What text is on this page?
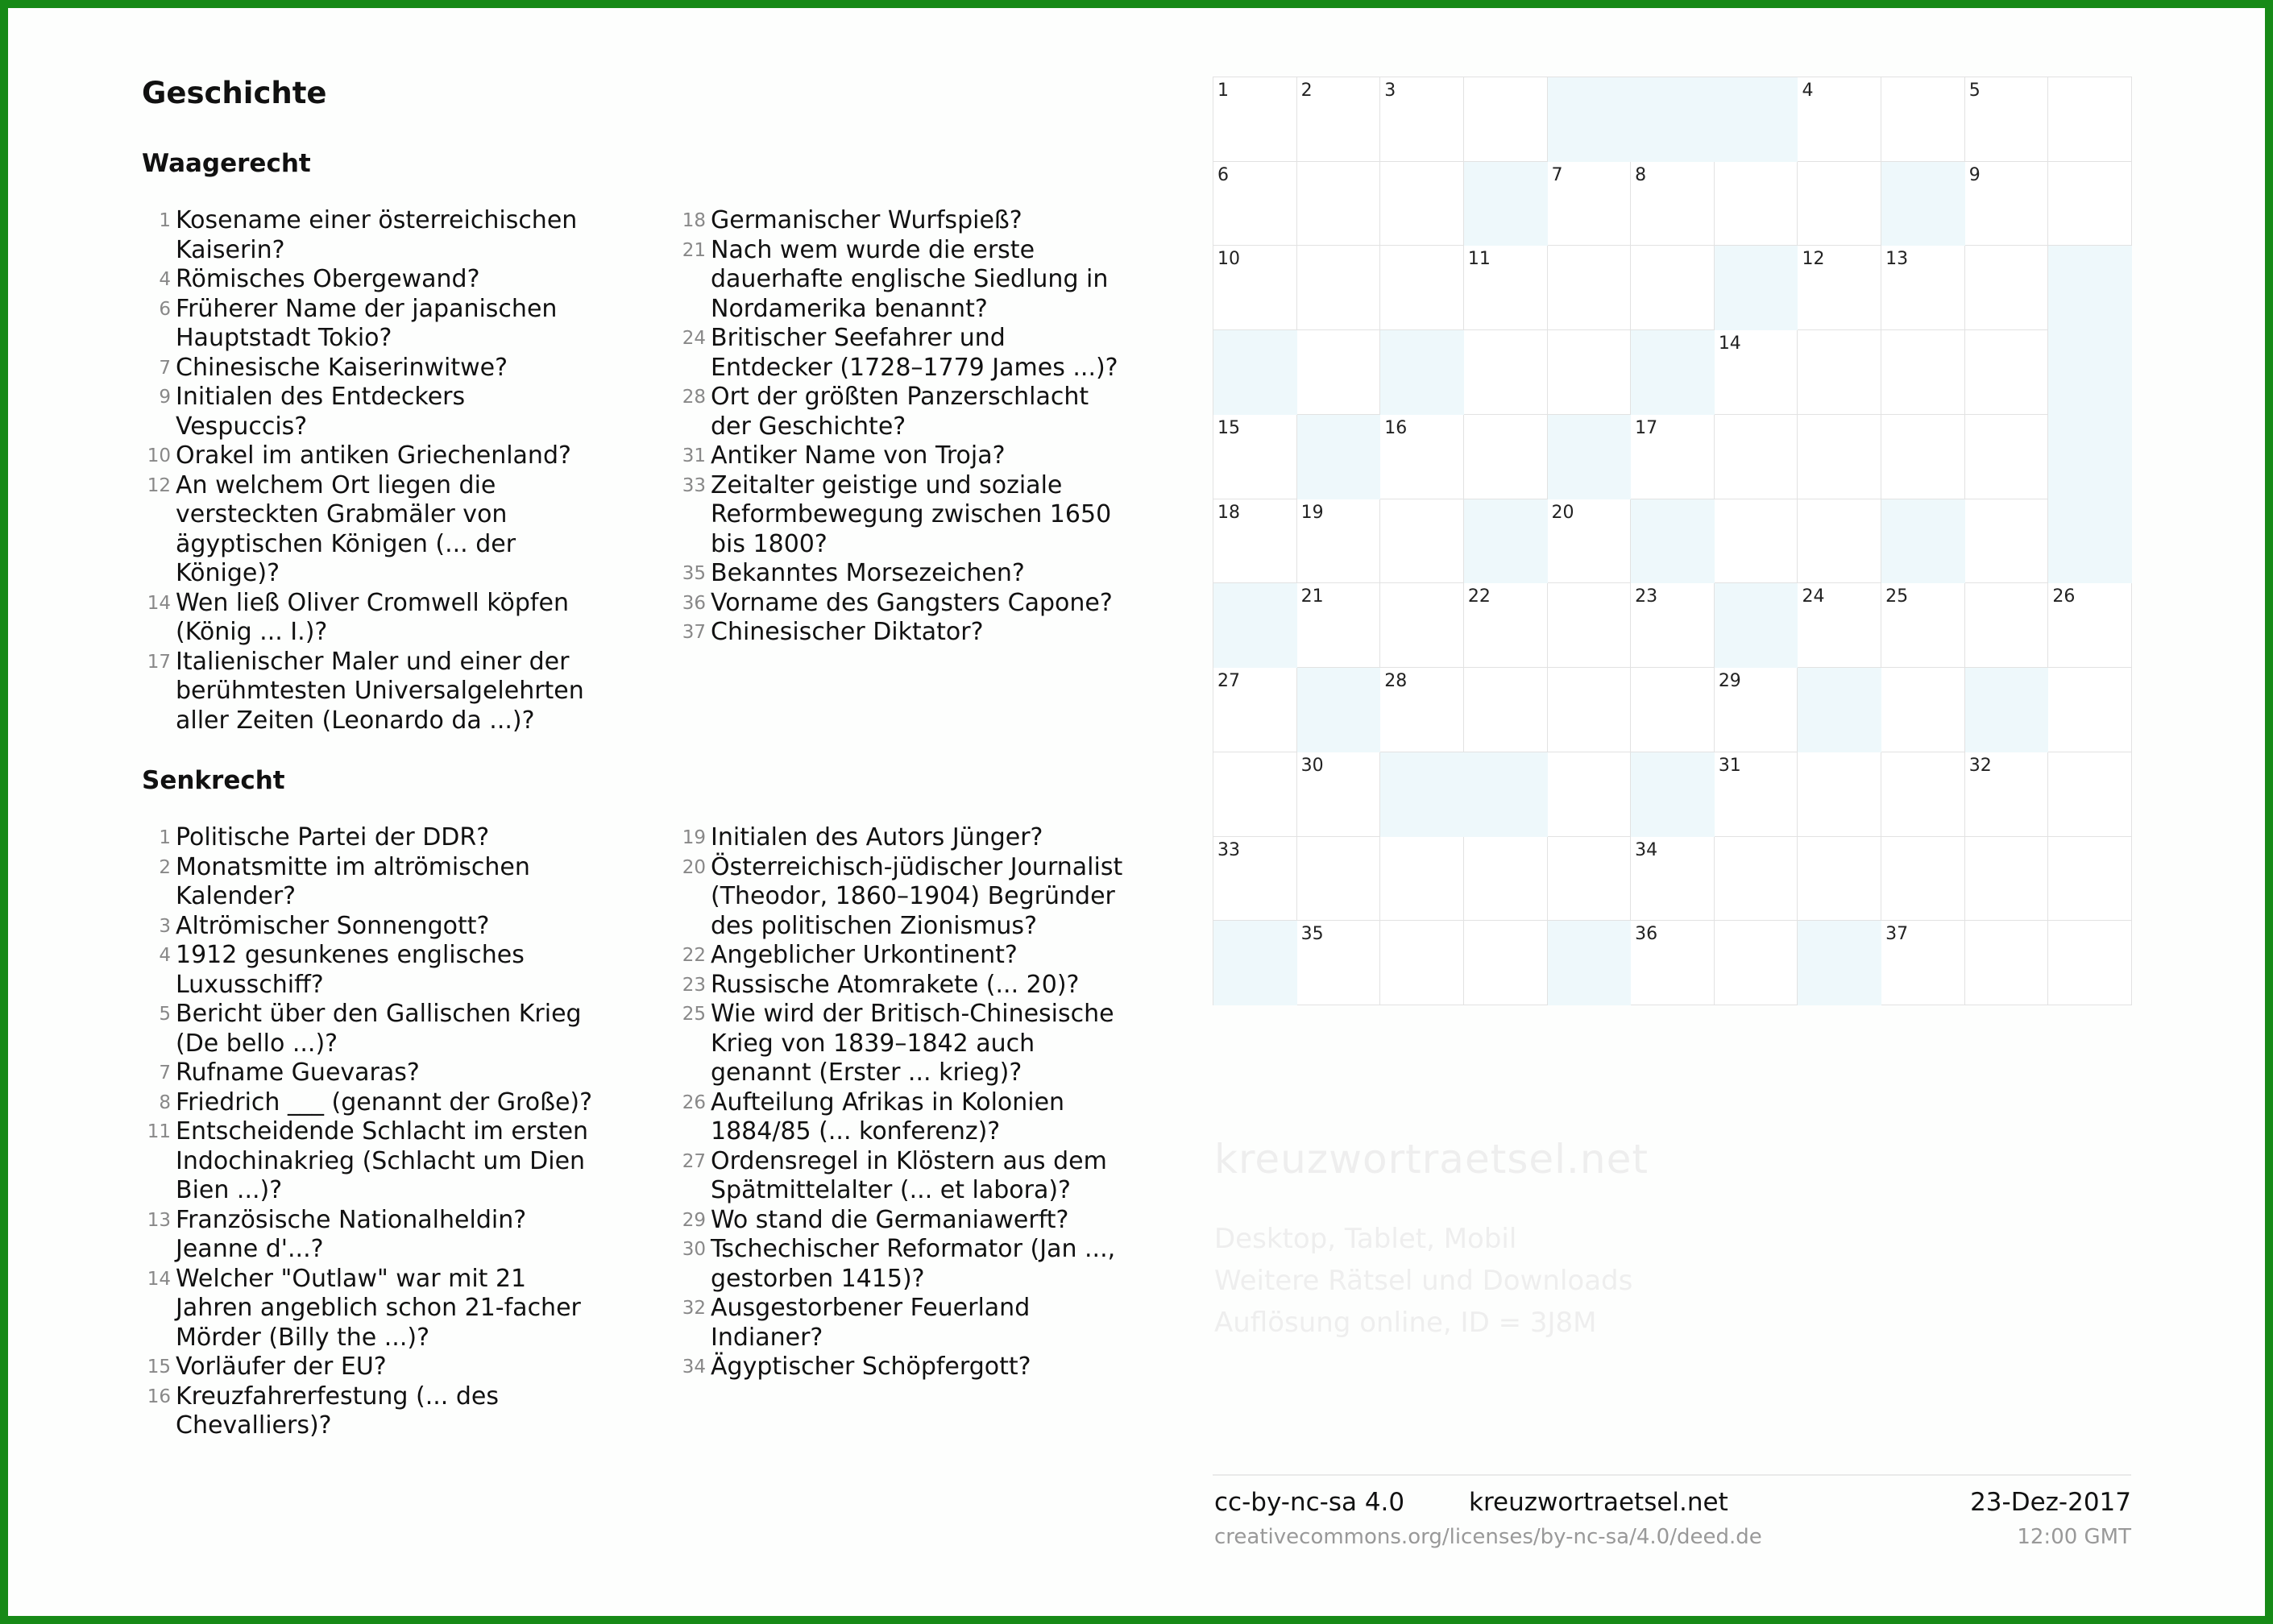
Geschichte
Waagerecht
1 Kosename einer österreichischen Kaiserin?
4 Römisches Obergewand?
6 Früherer Name der japanischen Hauptstadt Tokio?
7 Chinesische Kaiserinwitwe?
9 Initialen des Entdeckers Vespuccis?
10 Orakel im antiken Griechenland?
12 An welchem Ort liegen die versteckten Grabmäler von ägyptischen Königen (... der Könige)?
14 Wen ließ Oliver Cromwell köpfen (König ... I.)?
17 Italienischer Maler und einer der berühmtesten Universalgelehrten aller Zeiten (Leonardo da ...)?
18 Germanischer Wurfspieß?
21 Nach wem wurde die erste dauerhafte englische Siedlung in Nordamerika benannt?
24 Britischer Seefahrer und Entdecker (1728–1779 James ...)?
28 Ort der größten Panzerschlacht der Geschichte?
31 Antiker Name von Troja?
33 Zeitalter geistige und soziale Reformbewegung zwischen 1650 bis 1800?
35 Bekanntes Morsezeichen?
36 Vorname des Gangsters Capone?
37 Chinesischer Diktator?
Senkrecht
1 Politische Partei der DDR?
2 Monatsmitte im altrömischen Kalender?
3 Altrömischer Sonnengott?
4 1912 gesunkenes englisches Luxusschiff?
5 Bericht über den Gallischen Krieg (De bello ...)?
7 Rufname Guevaras?
8 Friedrich ___ (genannt der Große)?
11 Entscheidende Schlacht im ersten Indochinakrieg (Schlacht um Dien Bien ...)?
13 Französische Nationalheldin? Jeanne d'...?
14 Welcher "Outlaw" war mit 21 Jahren angeblich schon 21-facher Mörder (Billy the ...)?
15 Vorläufer der EU?
16 Kreuzfahrerfestung (... des Chevalliers)?
19 Initialen des Autors Jünger?
20 Österreichisch-jüdischer Journalist (Theodor, 1860–1904) Begründer des politischen Zionismus?
22 Angeblicher Urkontinent?
23 Russische Atomrakete (... 20)?
25 Wie wird der Britisch-Chinesische Krieg von 1839–1842 auch genannt (Erster ... krieg)?
26 Aufteilung Afrikas in Kolonien 1884/85 (... konferenz)?
27 Ordensregel in Klöstern aus dem Spätmittelalter (... et labora)?
29 Wo stand die Germaniawerft?
30 Tschechischer Reformator (Jan ..., gestorben 1415)?
32 Ausgestorbener Feuerland Indianer?
34 Ägyptischer Schöpfergott?
1	2	3	4	5
6	7	8	9
10	11	12	13
14
15	16	17
18	19	20
21	22	23	24	25	26
27	28	29
30	31	32
33	34
35	36	37
kreuzwortraetsel.net
Desktop, Tablet, Mobil
Weitere Rätsel und Downloads
Auflösung online, ID = 3J8M
cc-by-nc-sa 4.0	kreuzwortraetsel.net	23-Dez-2017
creativecommons.org/licenses/by-nc-sa/4.0/deed.de	12:00 GMT
